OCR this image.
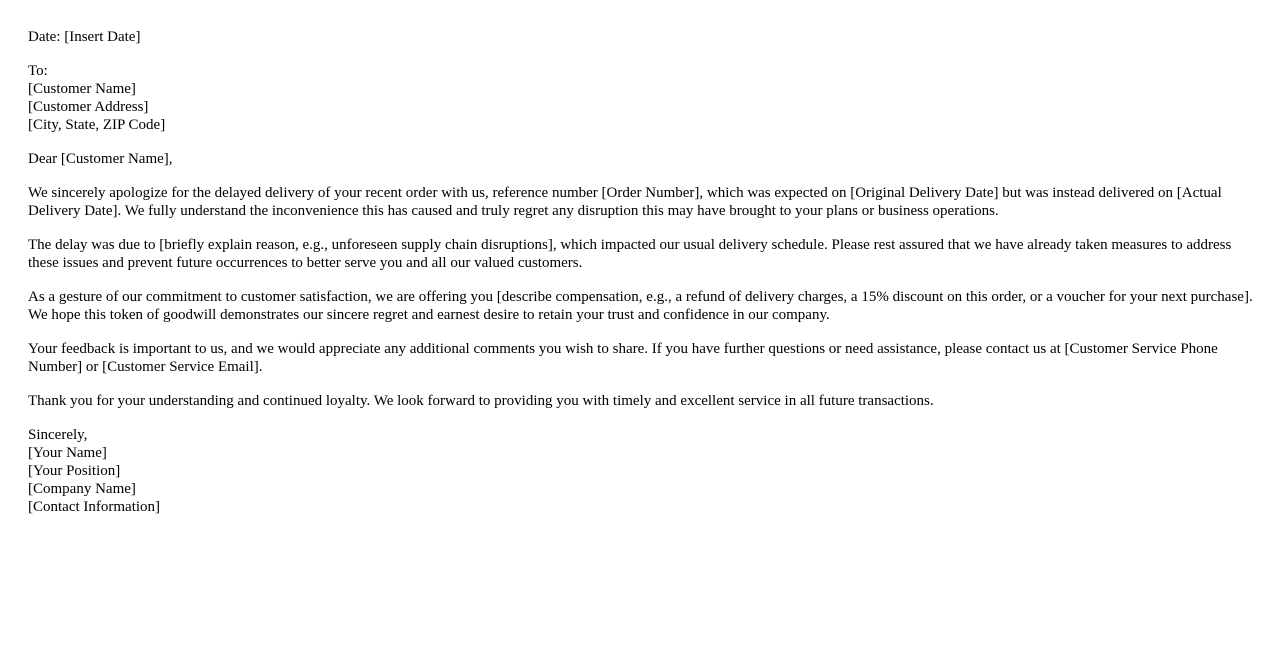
Date: [Insert Date]
To:
[Customer Name]
[Customer Address]
[City, State, ZIP Code]
Dear [Customer Name],

We sincerely apologize for the delayed delivery of your recent order with us, reference number [Order Number], which was expected on [Original Delivery Date] but was instead delivered on [Actual Delivery Date]. We fully understand the inconvenience this has caused and truly regret any disruption this may have brought to your plans or business operations.

The delay was due to [briefly explain reason, e.g., unforeseen supply chain disruptions], which impacted our usual delivery schedule. Please rest assured that we have already taken measures to address these issues and prevent future occurrences to better serve you and all our valued customers.

As a gesture of our commitment to customer satisfaction, we are offering you [describe compensation, e.g., a refund of delivery charges, a 15% discount on this order, or a voucher for your next purchase]. We hope this token of goodwill demonstrates our sincere regret and earnest desire to retain your trust and confidence in our company.

Your feedback is important to us, and we would appreciate any additional comments you wish to share. If you have further questions or need assistance, please contact us at [Customer Service Phone Number] or [Customer Service Email].

Thank you for your understanding and continued loyalty. We look forward to providing you with timely and excellent service in all future transactions.

Sincerely,
[Your Name]
[Your Position]
[Company Name]
[Contact Information]
